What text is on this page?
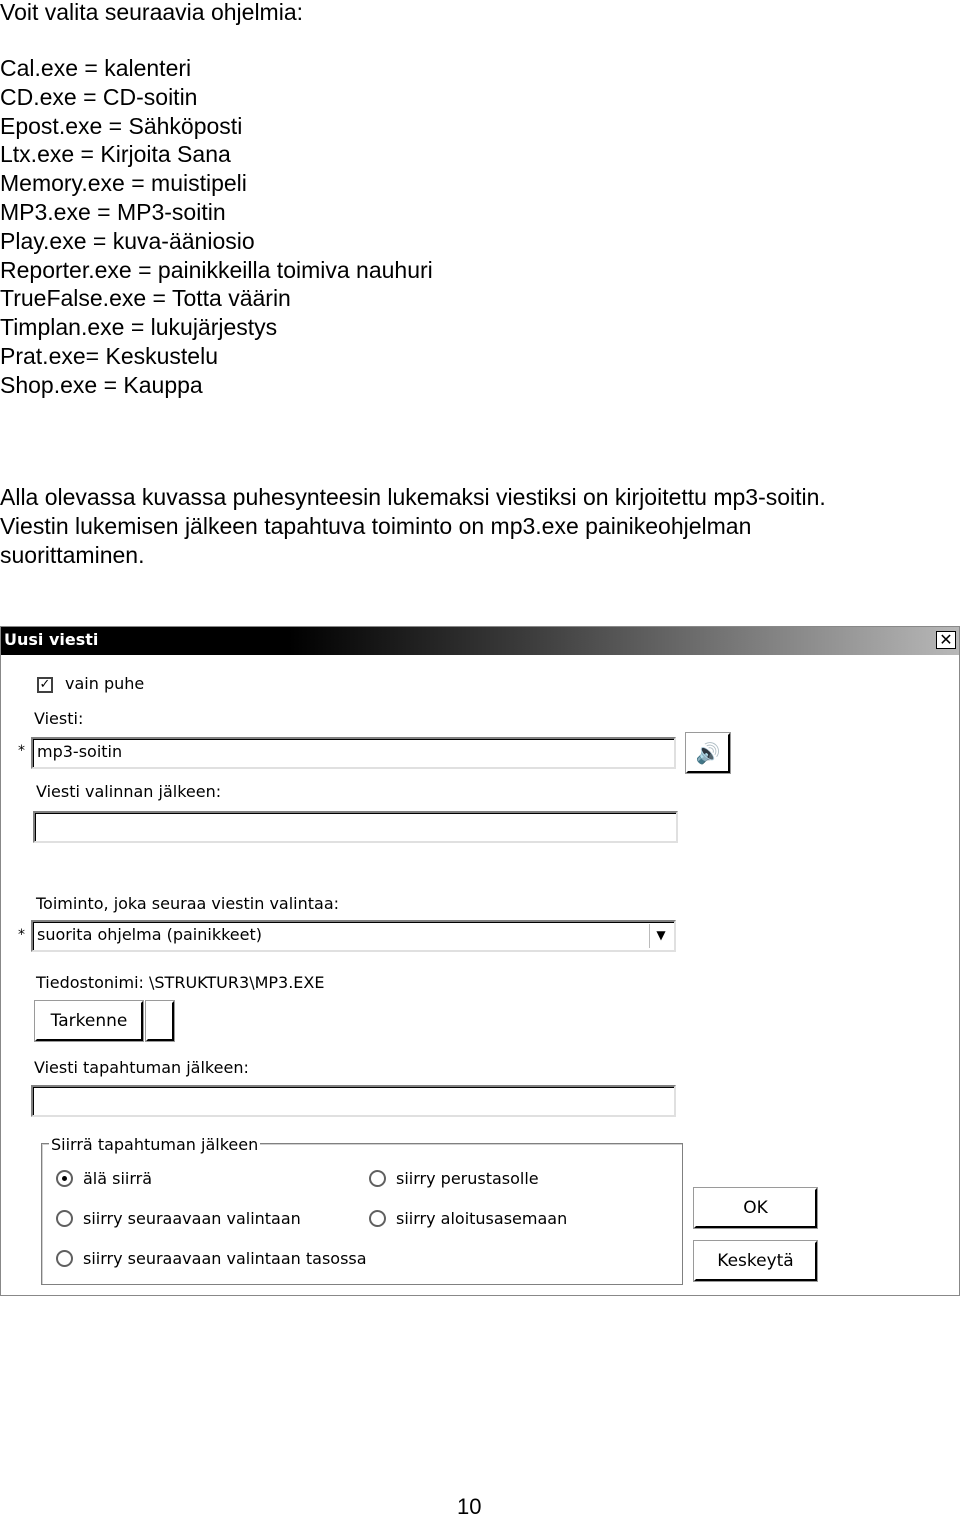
Voit valita seuraavia ohjelmia:
Cal.exe = kalenteri
CD.exe = CD-soitin
Epost.exe = Sähköposti
Ltx.exe = Kirjoita Sana
Memory.exe = muistipeli
MP3.exe = MP3-soitin
Play.exe = kuva-ääniosio
Reporter.exe = painikkeilla toimiva nauhuri
TrueFalse.exe = Totta väärin
Timplan.exe = lukujärjestys
Prat.exe= Keskustelu
Shop.exe = Kauppa
Alla olevassa kuvassa puhesynteesin lukemaksi viestiksi on kirjoitettu mp3-soitin.
Viestin lukemisen jälkeen tapahtuva toiminto on mp3.exe painikeohjelman
suorittaminen.
Uusi viesti	✕
✓ vain puhe
Viesti:
* mp3-soitin	🔊
Viesti valinnan jälkeen:
Toiminto, joka seuraa viestin valintaa:
* suorita ohjelma (painikkeet)	▼
Tiedostonimi: \STRUKTUR3\MP3.EXE
Tarkenne
Viesti tapahtuman jälkeen:
Siirrä tapahtuman jälkeen
älä siirrä
siirry seuraavaan valintaan
siirry seuraavaan valintaan tasossa
siirry perustasolle
siirry aloitusasemaan
OK
Keskeytä
10
